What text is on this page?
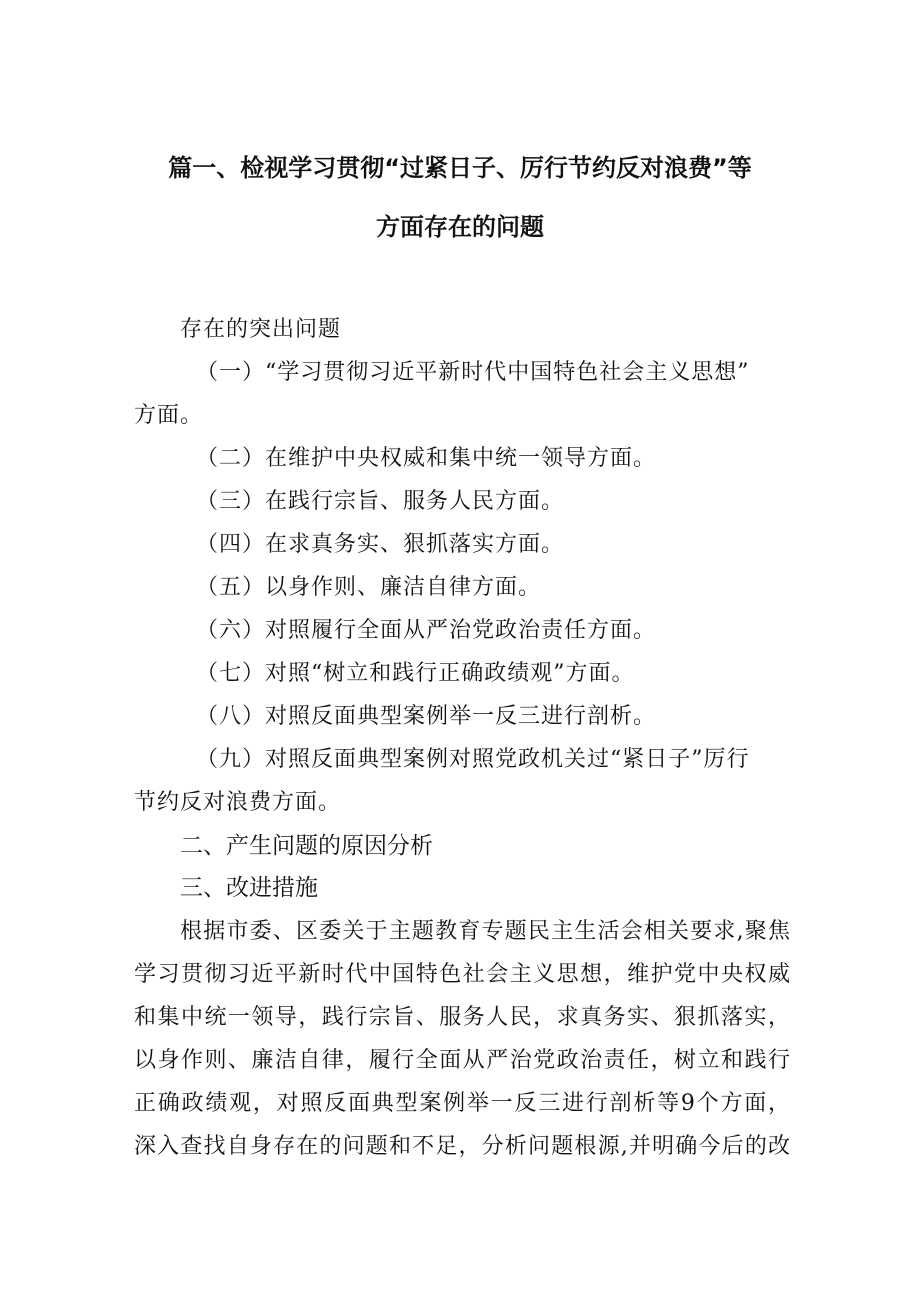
篇一、检视学习贯彻“过紧日子、厉行节约反对浪费”等
方面存在的问题
存在的突出问题
（一）“学习贯彻习近平新时代中国特色社会主义思想”
方面。
（二）在维护中央权威和集中统一领导方面。
（三）在践行宗旨、服务人民方面。
（四）在求真务实、狠抓落实方面。
（五）以身作则、廉洁自律方面。
（六）对照履行全面从严治党政治责任方面。
（七）对照“树立和践行正确政绩观”方面。
（八）对照反面典型案例举一反三进行剖析。
（九）对照反面典型案例对照党政机关过“紧日子”厉行
节约反对浪费方面。
二、产生问题的原因分析
三、改进措施
根据市委、区委关于主题教育专题民主生活会相关要求,聚焦
学习贯彻习近平新时代中国特色社会主义思想，维护党中央权威
和集中统一领导，践行宗旨、服务人民，求真务实、狠抓落实，
以身作则、廉洁自律，履行全面从严治党政治责任，树立和践行
正确政绩观，对照反面典型案例举一反三进行剖析等9个方面，
深入查找自身存在的问题和不足，分析问题根源,并明确今后的改
